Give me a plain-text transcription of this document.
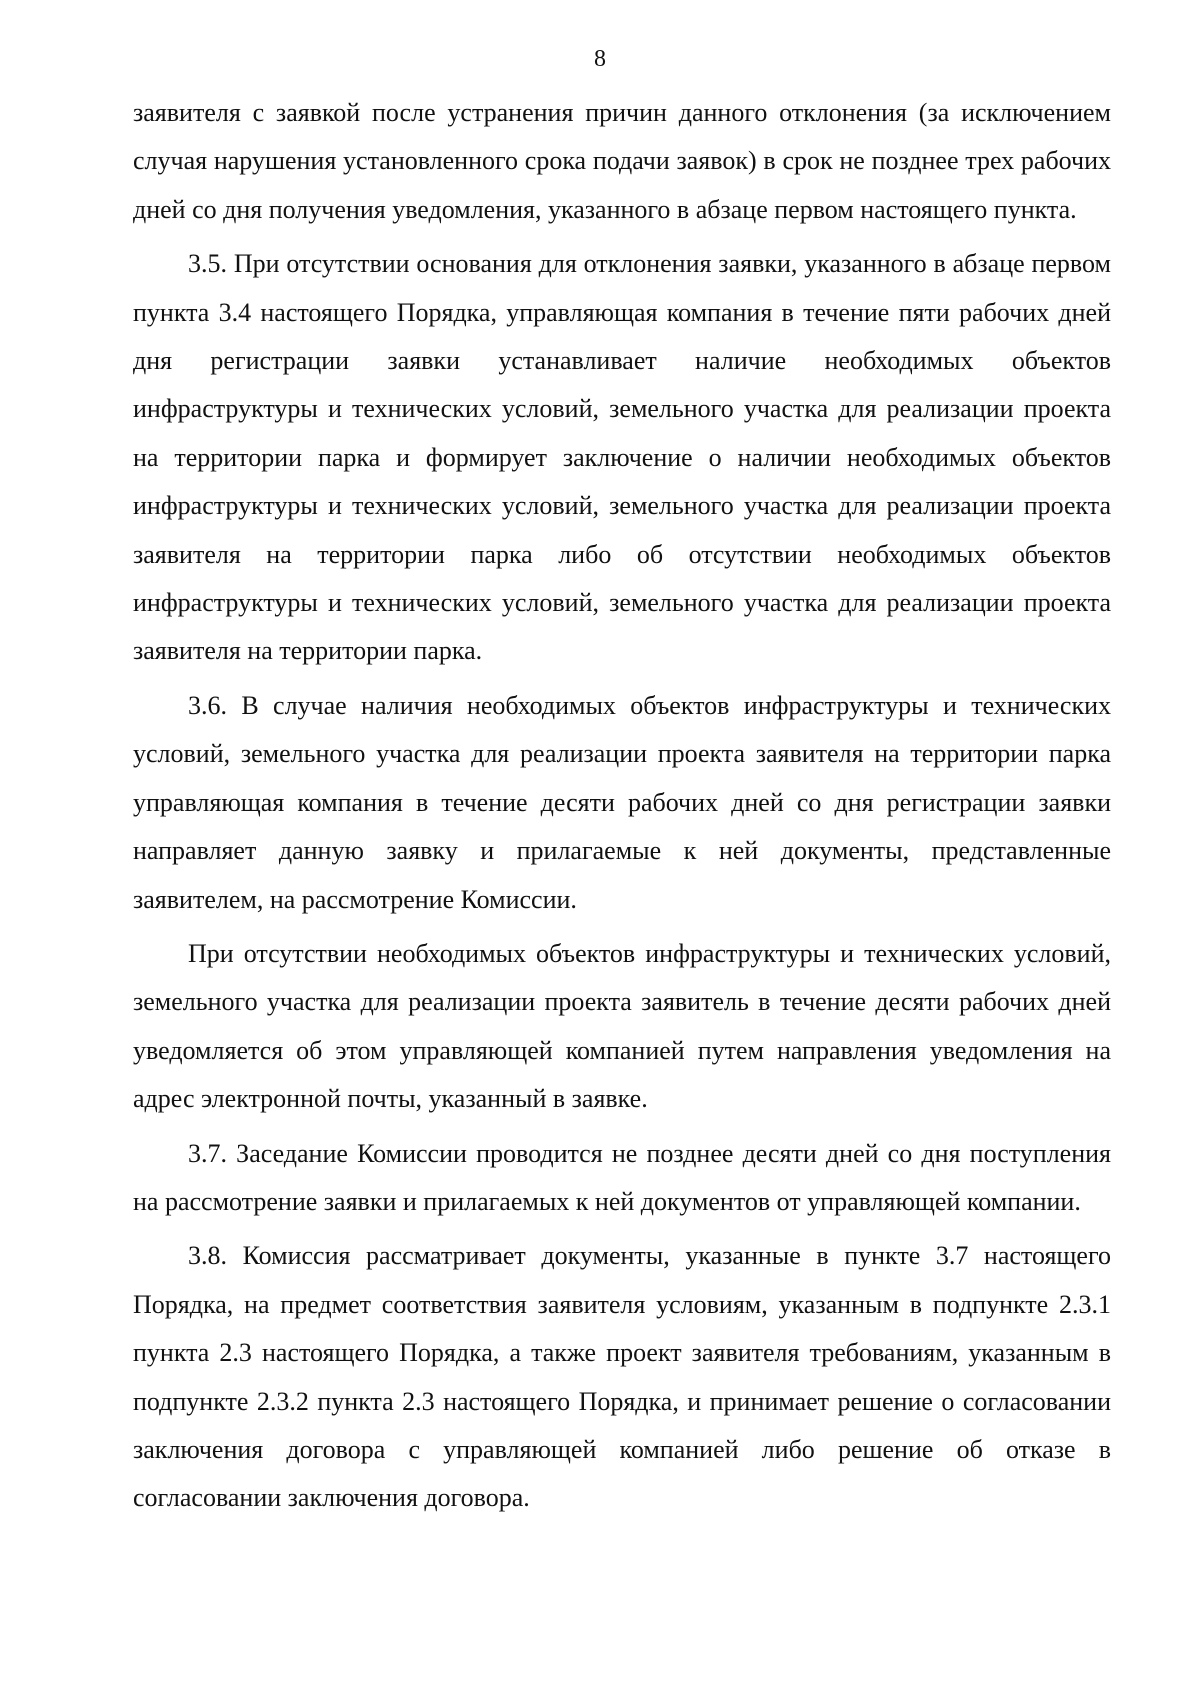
8

заявителя с заявкой после устранения причин данного отклонения (за исключением случая нарушения установленного срока подачи заявок) в срок не позднее трех рабочих дней со дня получения уведомления, указанного в абзаце первом настоящего пункта.

3.5. При отсутствии основания для отклонения заявки, указанного в абзаце первом пункта 3.4 настоящего Порядка, управляющая компания в течение пяти рабочих дней дня регистрации заявки устанавливает наличие необходимых объектов инфраструктуры и технических условий, земельного участка для реализации проекта на территории парка и формирует заключение о наличии необходимых объектов инфраструктуры и технических условий, земельного участка для реализации проекта заявителя на территории парка либо об отсутствии необходимых объектов инфраструктуры и технических условий, земельного участка для реализации проекта заявителя на территории парка.

3.6. В случае наличия необходимых объектов инфраструктуры и технических условий, земельного участка для реализации проекта заявителя на территории парка управляющая компания в течение десяти рабочих дней со дня регистрации заявки направляет данную заявку и прилагаемые к ней документы, представленные заявителем, на рассмотрение Комиссии.

При отсутствии необходимых объектов инфраструктуры и технических условий, земельного участка для реализации проекта заявитель в течение десяти рабочих дней уведомляется об этом управляющей компанией путем направления уведомления на адрес электронной почты, указанный в заявке.

3.7. Заседание Комиссии проводится не позднее десяти дней со дня поступления на рассмотрение заявки и прилагаемых к ней документов от управляющей компании.

3.8. Комиссия рассматривает документы, указанные в пункте 3.7 настоящего Порядка, на предмет соответствия заявителя условиям, указанным в подпункте 2.3.1 пункта 2.3 настоящего Порядка, а также проект заявителя требованиям, указанным в подпункте 2.3.2 пункта 2.3 настоящего Порядка, и принимает решение о согласовании заключения договора с управляющей компанией либо решение об отказе в согласовании заключения договора.
